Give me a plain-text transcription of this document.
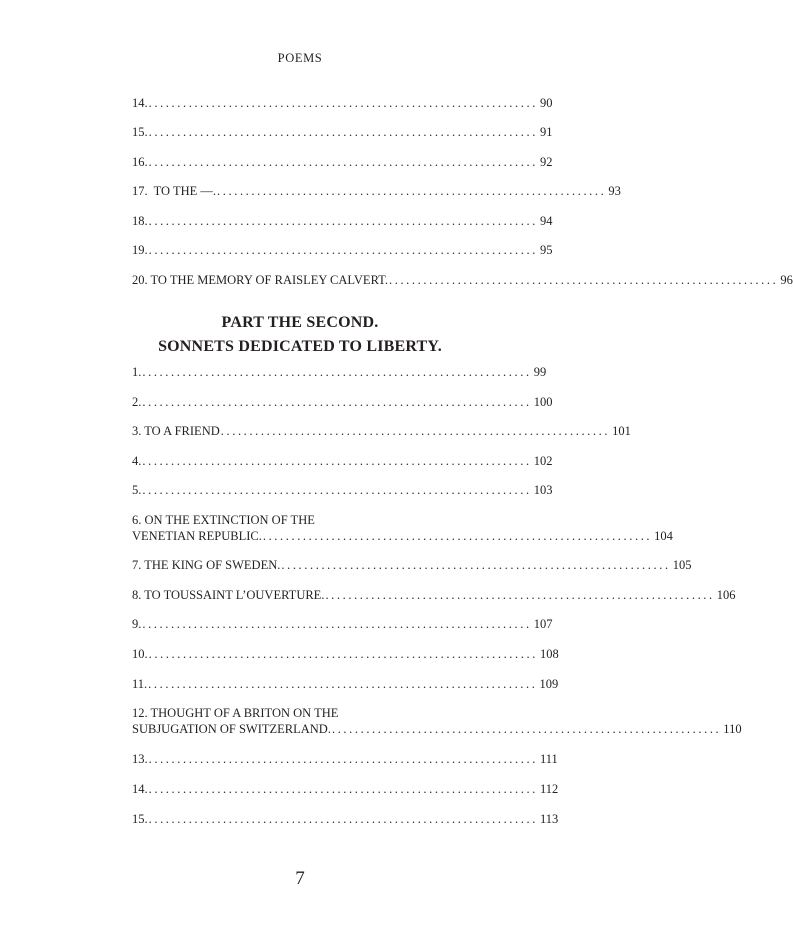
POEMS
14. .................................................................... 90
15. .................................................................... 91
16. .................................................................... 92
17.  TO THE —. .................................................................... 93
18. .................................................................... 94
19. .................................................................... 95
20. TO THE MEMORY OF RAISLEY CALVERT. .................................................................... 96
PART THE SECOND.
SONNETS DEDICATED TO LIBERTY.
1. .................................................................... 99
2. .................................................................... 100
3. TO A FRIEND .................................................................... 101
4. .................................................................... 102
5. .................................................................... 103
6. ON THE EXTINCTION OF THE
VENETIAN REPUBLIC. .................................................................... 104
7. THE KING OF SWEDEN. .................................................................... 105
8. TO TOUSSAINT L’OUVERTURE. .................................................................... 106
9. .................................................................... 107
10. .................................................................... 108
11. .................................................................... 109
12. THOUGHT OF A BRITON ON THE
SUBJUGATION OF SWITZERLAND. .................................................................... 110
13. .................................................................... 111
14. .................................................................... 112
15. .................................................................... 113
7
